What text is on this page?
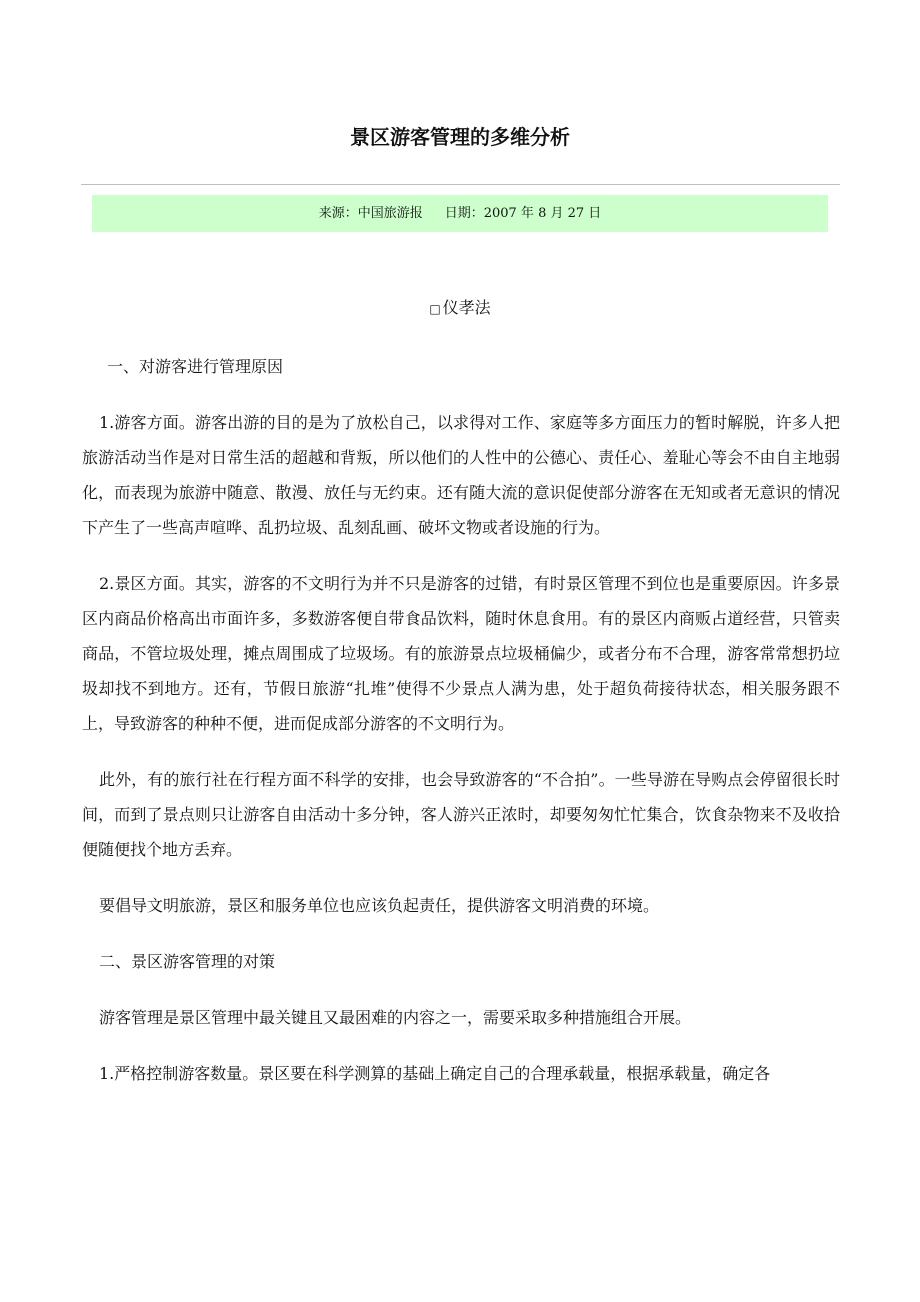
景区游客管理的多维分析
来源：中国旅游报 日期：2007 年 8 月 27 日
□ 仪孝法

一、对游客进行管理原因

1.游客方面。游客出游的目的是为了放松自己，以求得对工作、家庭等多方面压力的暂时解脱，许多人把旅游活动当作是对日常生活的超越和背叛，所以他们的人性中的公德心、责任心、羞耻心等会不由自主地弱化，而表现为旅游中随意、散漫、放任与无约束。还有随大流的意识促使部分游客在无知或者无意识的情况下产生了一些高声喧哗、乱扔垃圾、乱刻乱画、破坏文物或者设施的行为。

2.景区方面。其实，游客的不文明行为并不只是游客的过错，有时景区管理不到位也是重要原因。许多景区内商品价格高出市面许多，多数游客便自带食品饮料，随时休息食用。有的景区内商贩占道经营，只管卖商品，不管垃圾处理，摊点周围成了垃圾场。有的旅游景点垃圾桶偏少，或者分布不合理，游客常常想扔垃圾却找不到地方。还有，节假日旅游“扎堆”使得不少景点人满为患，处于超负荷接待状态，相关服务跟不上，导致游客的种种不便，进而促成部分游客的不文明行为。

此外，有的旅行社在行程方面不科学的安排，也会导致游客的“不合拍”。一些导游在导购点会停留很长时间，而到了景点则只让游客自由活动十多分钟，客人游兴正浓时，却要匆匆忙忙集合，饮食杂物来不及收拾便随便找个地方丢弃。

要倡导文明旅游，景区和服务单位也应该负起责任，提供游客文明消费的环境。

二、景区游客管理的对策

游客管理是景区管理中最关键且又最困难的内容之一，需要采取多种措施组合开展。

1.严格控制游客数量。景区要在科学测算的基础上确定自己的合理承载量，根据承载量，确定各
